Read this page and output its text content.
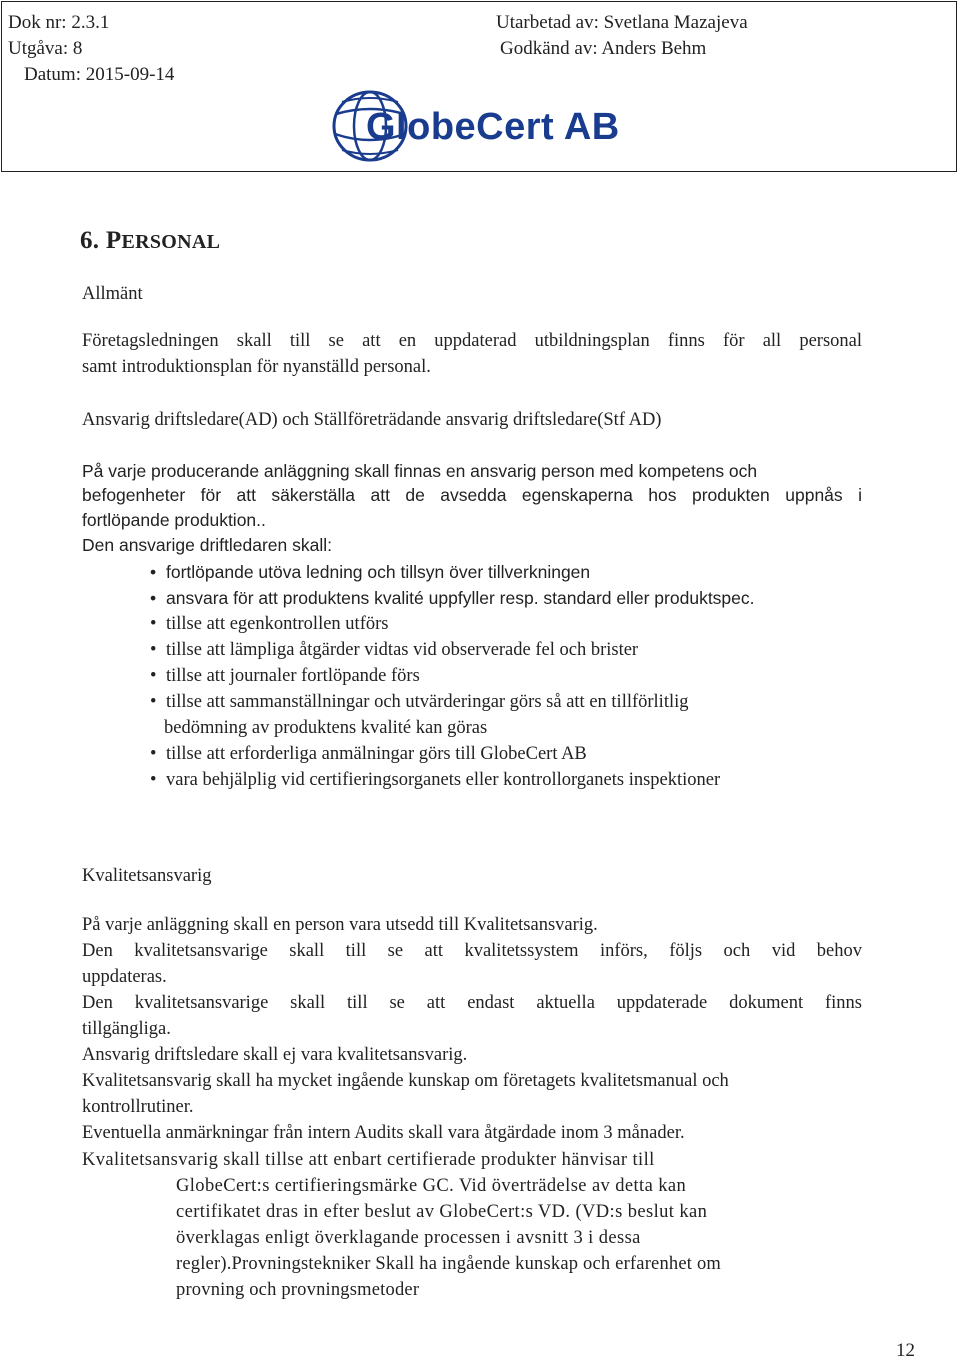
Dok nr: 2.3.1
Utgåva: 8
Datum: 2015-09-14
Utarbetad av: Svetlana Mazajeva
Godkänd av: Anders Behm
GlobeCert AB
6. PERSONAL
Allmänt
Företagsledningen skall till se att en uppdaterad utbildningsplan finns för all personal
samt introduktionsplan för nyanställd personal.
Ansvarig driftsledare(AD) och Ställföreträdande ansvarig driftsledare(Stf AD)
På varje producerande anläggning skall finnas en ansvarig person med kompetens och
befogenheter för att säkerställa att de avsedda egenskaperna hos produkten uppnås i
fortlöpande produktion..
Den ansvarige driftledaren skall:
• fortlöpande utöva ledning och tillsyn över tillverkningen
• ansvara för att produktens kvalité uppfyller resp. standard eller produktspec.
• tillse att egenkontrollen utförs
• tillse att lämpliga åtgärder vidtas vid observerade fel och brister
• tillse att journaler fortlöpande förs
• tillse att sammanställningar och utvärderingar görs så att en tillförlitlig
bedömning av produktens kvalité kan göras
• tillse att erforderliga anmälningar görs till GlobeCert AB
• vara behjälplig vid certifieringsorganets eller kontrollorganets inspektioner
Kvalitetsansvarig
På varje anläggning skall en person vara utsedd till Kvalitetsansvarig.
Den kvalitetsansvarige skall till se att kvalitetssystem införs, följs och vid behov
uppdateras.
Den kvalitetsansvarige skall till se att endast aktuella uppdaterade dokument finns
tillgängliga.
Ansvarig driftsledare skall ej vara kvalitetsansvarig.
Kvalitetsansvarig skall ha mycket ingående kunskap om företagets kvalitetsmanual och
kontrollrutiner.
Eventuella anmärkningar från intern Audits skall vara åtgärdade inom 3 månader.
Kvalitetsansvarig skall tillse att enbart certifierade produkter hänvisar till
GlobeCert:s certifieringsmärke GC. Vid överträdelse av detta kan
certifikatet dras in efter beslut av GlobeCert:s VD. (VD:s beslut kan
överklagas enligt överklagande processen i avsnitt 3 i dessa
regler).Provningstekniker Skall ha ingående kunskap och erfarenhet om
provning och provningsmetoder
12
